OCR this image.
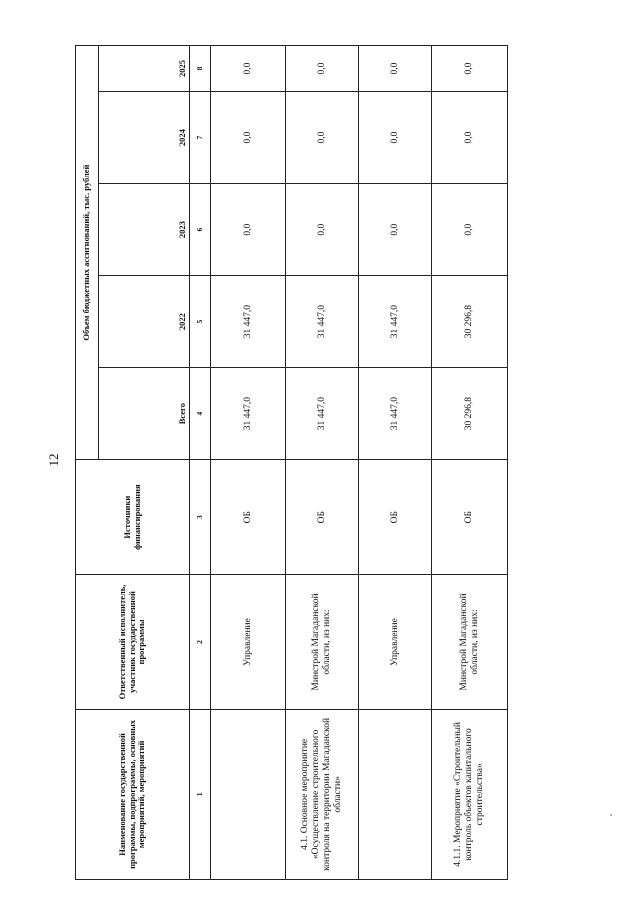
12
Наименование государственной программы, подпрограммы, основных мероприятий, мероприятий	Ответственный исполнитель, участник государственной программы	Источники финансирования	Объем бюджетных ассигнований, тыс. рублей				
			Всего	2022	2023	2024	2025
1	2	3	4	5	6	7	8
	Управление	ОБ	31 447,0	31 447,0	0,0	0,0	0,0
4.1. Основное мероприятие «Осуществление строительного контроля на территории Магаданской области»	Минстрой Магаданской области, из них:	ОБ	31 447,0	31 447,0	0,0	0,0	0,0
	Управление	ОБ	31 447,0	31 447,0	0,0	0,0	0,0
4.1.1. Мероприятие «Строительный контроль объектов капитального строительства»	Минстрой Магаданской области, из них:	ОБ	30 296,8	30 296,8	0,0	0,0	0,0
